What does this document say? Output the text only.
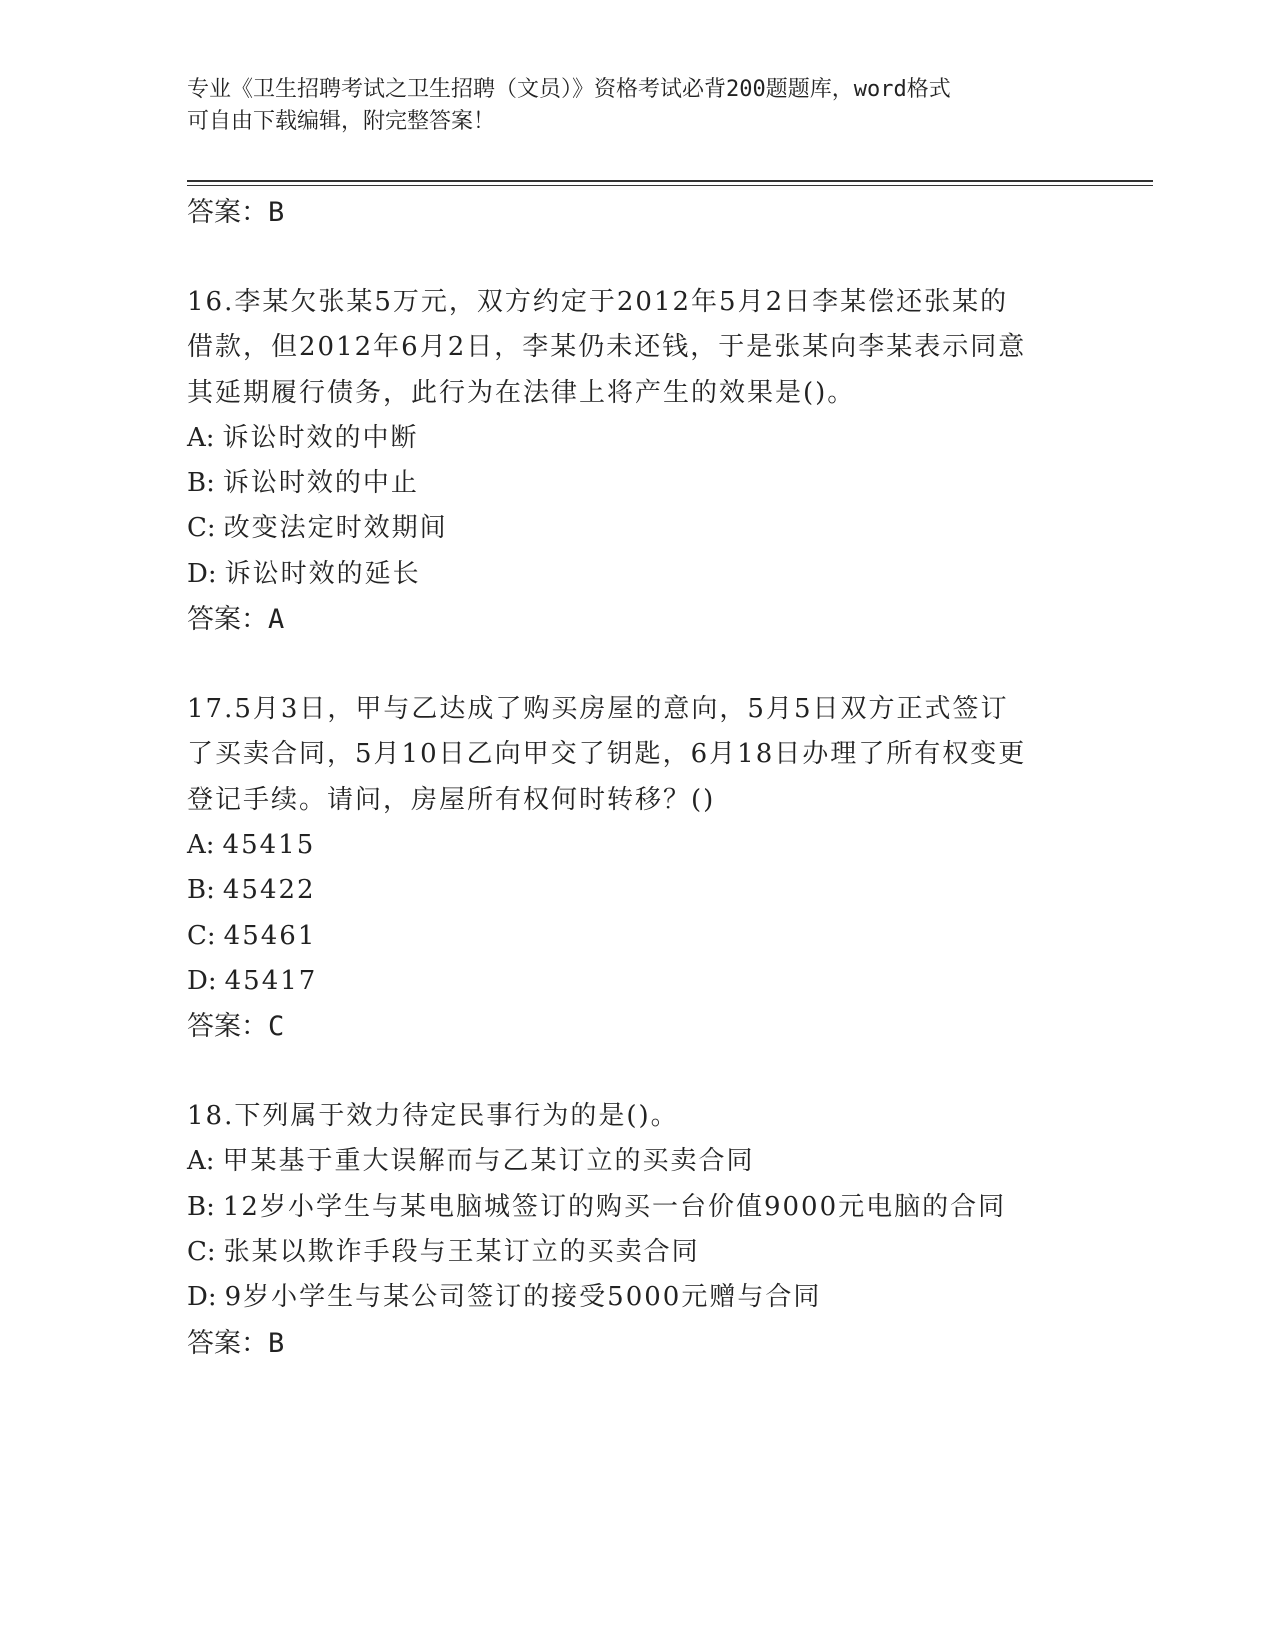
专业《卫生招聘考试之卫生招聘（文员）》资格考试必背200题题库，word格式
可自由下载编辑，附完整答案！
答案：B
16.李某欠张某5万元，双方约定于2012年5月2日李某偿还张某的
借款，但2012年6月2日，李某仍未还钱，于是张某向李某表示同意
其延期履行债务，此行为在法律上将产生的效果是()。
A: 诉讼时效的中断
B: 诉讼时效的中止
C: 改变法定时效期间
D: 诉讼时效的延长
答案：A
17.5月3日，甲与乙达成了购买房屋的意向，5月5日双方正式签订
了买卖合同，5月10日乙向甲交了钥匙，6月18日办理了所有权变更
登记手续。请问，房屋所有权何时转移？()
A: 45415
B: 45422
C: 45461
D: 45417
答案：C
18.下列属于效力待定民事行为的是()。
A: 甲某基于重大误解而与乙某订立的买卖合同
B: 12岁小学生与某电脑城签订的购买一台价值9000元电脑的合同
C: 张某以欺诈手段与王某订立的买卖合同
D: 9岁小学生与某公司签订的接受5000元赠与合同
答案：B
